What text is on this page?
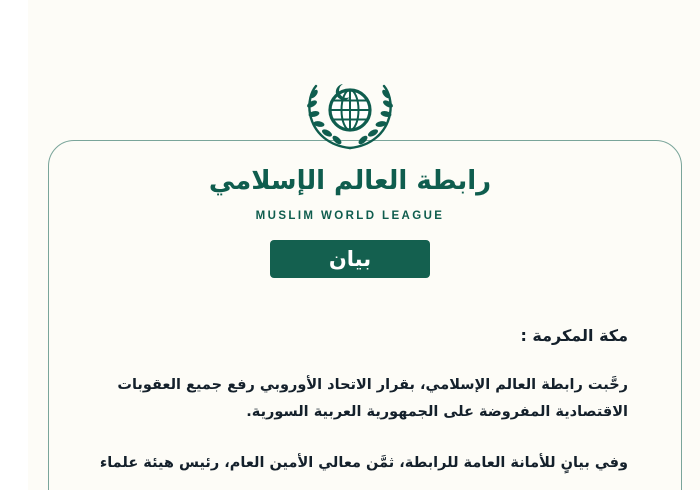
رابطة العالم الإسلامي
MUSLIM WORLD LEAGUE
بيان
مكة المكرمة :
رحَّبت رابطة العالم الإسلامي، بقرار الاتحاد الأوروبي رفع جميع العقوبات الاقتصادية المفروضة على الجمهورية العربية السورية.
وفي بيانٍ للأمانة العامة للرابطة، ثمَّن معالي الأمين العام، رئيس هيئة علماء
